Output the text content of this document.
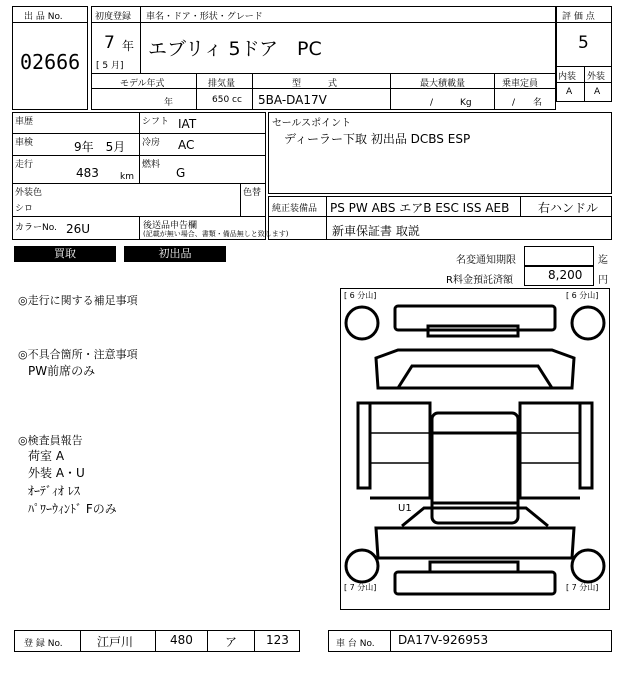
出 品 No.
02666
初度登録 車名・ドア・形状・グレード
7 年
[ 5 月]
エブリィ 5ドア　PC
モデル年式	排気量	型　　　式	最大積載量	乗車定員
年	650 cc 5BA-DA17V	/　　　Kg	/　　名
評 価 点
5
内装 外装
A A
車歴	シフト IAT
車検	9年　5月 冷房 AC
走行
483 km
燃料
G
外装色
シロ
色替
カラーNo. 26U	後送品申告欄
(記載が無い場合、書類・備品無しと致します)
セールスポイント
ディーラー下取 初出品 DCBS ESP
純正装備品 PS PW ABS エアB ESC ISS AEB 右ハンドル
新車保証書 取説
買取	初出品
名変通知期限	迄
R料金預託済額	8,200 円
◎走行に関する補足事項
◎不具合箇所・注意事項
PW前席のみ
◎検査員報告
荷室 A
外装 A・U
ｵｰﾃﾞｨｵ ﾚｽ
ﾊﾟﾜｰｳｨﾝﾄﾞ Fのみ
[ 6 分山]	[ 6 分山]
[ 7 分山]	[ 7 分山]
U1
登 録 No.	江戸川	480	ア 123	車 台 No. DA17V-926953
